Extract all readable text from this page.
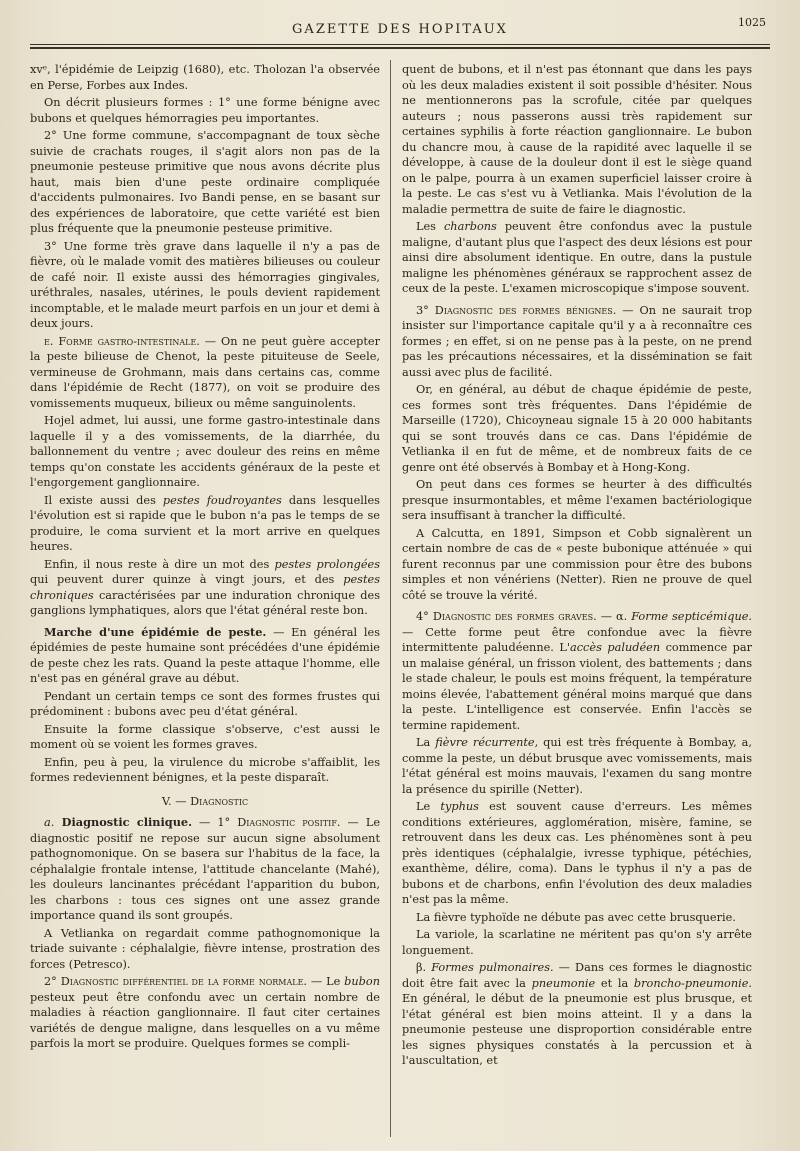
GAZETTE DES HOPITAUX	1025

xvᵉ, l'épidémie de Leipzig (1680), etc. Tholozan l'a observée en Perse, Forbes aux Indes.

On décrit plusieurs formes : 1° une forme bénigne avec bubons et quelques hémorragies peu importantes.

2° Une forme commune, s'accompagnant de toux sèche suivie de crachats rouges, il s'agit alors non pas de la pneumonie pesteuse primitive que nous avons décrite plus haut, mais bien d'une peste ordinaire compliquée d'accidents pulmonaires. Ivo Bandi pense, en se basant sur des expériences de laboratoire, que cette variété est bien plus fréquente que la pneumonie pesteuse primitive.

3° Une forme très grave dans laquelle il n'y a pas de fièvre, où le malade vomit des matières bilieuses ou couleur de café noir. Il existe aussi des hémorragies gingivales, uréthrales, nasales, utérines, le pouls devient rapidement incomptable, et le malade meurt parfois en un jour et demi à deux jours.

ε. Forme gastro-intestinale. — On ne peut guère accepter la peste bilieuse de Chenot, la peste pituiteuse de Seele, vermineuse de Grohmann, mais dans certains cas, comme dans l'épidémie de Recht (1877), on voit se produire des vomissements muqueux, bilieux ou même sanguinolents.

Hojel admet, lui aussi, une forme gastro-intestinale dans laquelle il y a des vomissements, de la diarrhée, du ballonnement du ventre ; avec douleur des reins en même temps qu'on constate les accidents généraux de la peste et l'engorgement ganglionnaire.

Il existe aussi des pestes foudroyantes dans lesquelles l'évolution est si rapide que le bubon n'a pas le temps de se produire, le coma survient et la mort arrive en quelques heures.

Enfin, il nous reste à dire un mot des pestes prolongées qui peuvent durer quinze à vingt jours, et des pestes chroniques caractérisées par une induration chronique des ganglions lymphatiques, alors que l'état général reste bon.

Marche d'une épidémie de peste. — En général les épidémies de peste humaine sont précédées d'une épidémie de peste chez les rats. Quand la peste attaque l'homme, elle n'est pas en général grave au début.

Pendant un certain temps ce sont des formes frustes qui prédominent : bubons avec peu d'état général.

Ensuite la forme classique s'observe, c'est aussi le moment où se voient les formes graves.

Enfin, peu à peu, la virulence du microbe s'affaiblit, les formes redeviennent bénignes, et la peste disparaît.

V. — Diagnostic

a. Diagnostic clinique. — 1° Diagnostic positif. — Le diagnostic positif ne repose sur aucun signe absolument pathognomonique. On se basera sur l'habitus de la face, la céphalalgie frontale intense, l'attitude chancelante (Mahé), les douleurs lancinantes précédant l'apparition du bubon, les charbons : tous ces signes ont une assez grande importance quand ils sont groupés.

A Vetlianka on regardait comme pathognomonique la triade suivante : céphalalgie, fièvre intense, prostration des forces (Petresco).

2° Diagnostic différentiel de la forme normale. — Le bubon pesteux peut être confondu avec un certain nombre de maladies à réaction ganglionnaire. Il faut citer certaines variétés de dengue maligne, dans lesquelles on a vu même parfois la mort se produire. Quelques formes se compli-

quent de bubons, et il n'est pas étonnant que dans les pays où les deux maladies existent il soit possible d'hésiter. Nous ne mentionnerons pas la scrofule, citée par quelques auteurs ; nous passerons aussi très rapidement sur certaines syphilis à forte réaction ganglionnaire. Le bubon du chancre mou, à cause de la rapidité avec laquelle il se développe, à cause de la douleur dont il est le siège quand on le palpe, pourra à un examen superficiel laisser croire à la peste. Le cas s'est vu à Vetlianka. Mais l'évolution de la maladie permettra de suite de faire le diagnostic.

Les charbons peuvent être confondus avec la pustule maligne, d'autant plus que l'aspect des deux lésions est pour ainsi dire absolument identique. En outre, dans la pustule maligne les phénomènes généraux se rapprochent assez de ceux de la peste. L'examen microscopique s'impose souvent.

3° Diagnostic des formes bénignes. — On ne saurait trop insister sur l'importance capitale qu'il y a à reconnaître ces formes ; en effet, si on ne pense pas à la peste, on ne prend pas les précautions nécessaires, et la dissémination se fait aussi avec plus de facilité.

Or, en général, au début de chaque épidémie de peste, ces formes sont très fréquentes. Dans l'épidémie de Marseille (1720), Chicoyneau signale 15 à 20 000 habitants qui se sont trouvés dans ce cas. Dans l'épidémie de Vetlianka il en fut de même, et de nombreux faits de ce genre ont été observés à Bombay et à Hong-Kong.

On peut dans ces formes se heurter à des difficultés presque insurmontables, et même l'examen bactériologique sera insuffisant à trancher la difficulté.

A Calcutta, en 1891, Simpson et Cobb signalèrent un certain nombre de cas de « peste bubonique atténuée » qui furent reconnus par une commission pour être des bubons simples et non vénériens (Netter). Rien ne prouve de quel côté se trouve la vérité.

4° Diagnostic des formes graves. — α. Forme septicémique. — Cette forme peut être confondue avec la fièvre intermittente paludéenne. L'accès paludéen commence par un malaise général, un frisson violent, des battements ; dans le stade chaleur, le pouls est moins fréquent, la température moins élevée, l'abattement général moins marqué que dans la peste. L'intelligence est conservée. Enfin l'accès se termine rapidement.

La fièvre récurrente, qui est très fréquente à Bombay, a, comme la peste, un début brusque avec vomissements, mais l'état général est moins mauvais, l'examen du sang montre la présence du spirille (Netter).

Le typhus est souvent cause d'erreurs. Les mêmes conditions extérieures, agglomération, misère, famine, se retrouvent dans les deux cas. Les phénomènes sont à peu près identiques (céphalalgie, ivresse typhique, pétéchies, exanthème, délire, coma). Dans le typhus il n'y a pas de bubons et de charbons, enfin l'évolution des deux maladies n'est pas la même.

La fièvre typhoïde ne débute pas avec cette brusquerie.

La variole, la scarlatine ne méritent pas qu'on s'y arrête longuement.

β. Formes pulmonaires. — Dans ces formes le diagnostic doit être fait avec la pneumonie et la broncho-pneumonie. En général, le début de la pneumonie est plus brusque, et l'état général est bien moins atteint. Il y a dans la pneumonie pesteuse une disproportion considérable entre les signes physiques constatés à la percussion et à l'auscultation, et
